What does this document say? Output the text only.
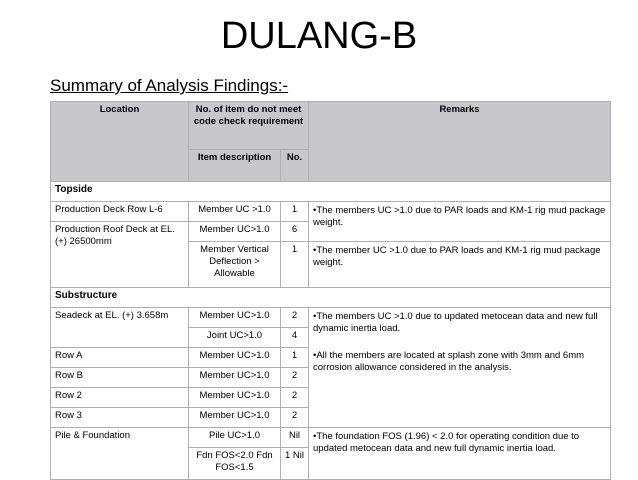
DULANG-B
Summary of Analysis Findings:-
Location	No. of item do not meet code check requirement		Remarks
	Item description	No.	
Topside			
Production Deck Row L-6	Member UC >1.0	1	• The members UC >1.0 due to PAR loads and KM-1 rig mud package weight.

Production Roof Deck at EL. (+) 26500mm	Member UC>1.0	6	
	Member Vertical Deflection > Allowable	1	• The member UC >1.0 due to PAR loads and KM-1 rig mud package weight.

Substructure			
Seadeck at EL. (+) 3.658m	Member UC>1.0	2	• The members UC >1.0 due to updated metocean data and new full dynamic inertia load.
• All the members are located at splash zone with 3mm and 6mm corrosion allowance considered in the analysis.

	Joint UC>1.0	4	
Row A	Member UC>1.0	1	
Row B	Member UC>1.0	2	
Row 2	Member UC>1.0	2	
Row 3	Member UC>1.0	2	
Pile & Foundation	Pile UC>1.0	Nil	• The foundation FOS (1.96) < 2.0 for operating condition due to updated metocean data and new full dynamic inertia load.

	Fdn FOS<2.0 Fdn FOS<1.5	1 Nil	
